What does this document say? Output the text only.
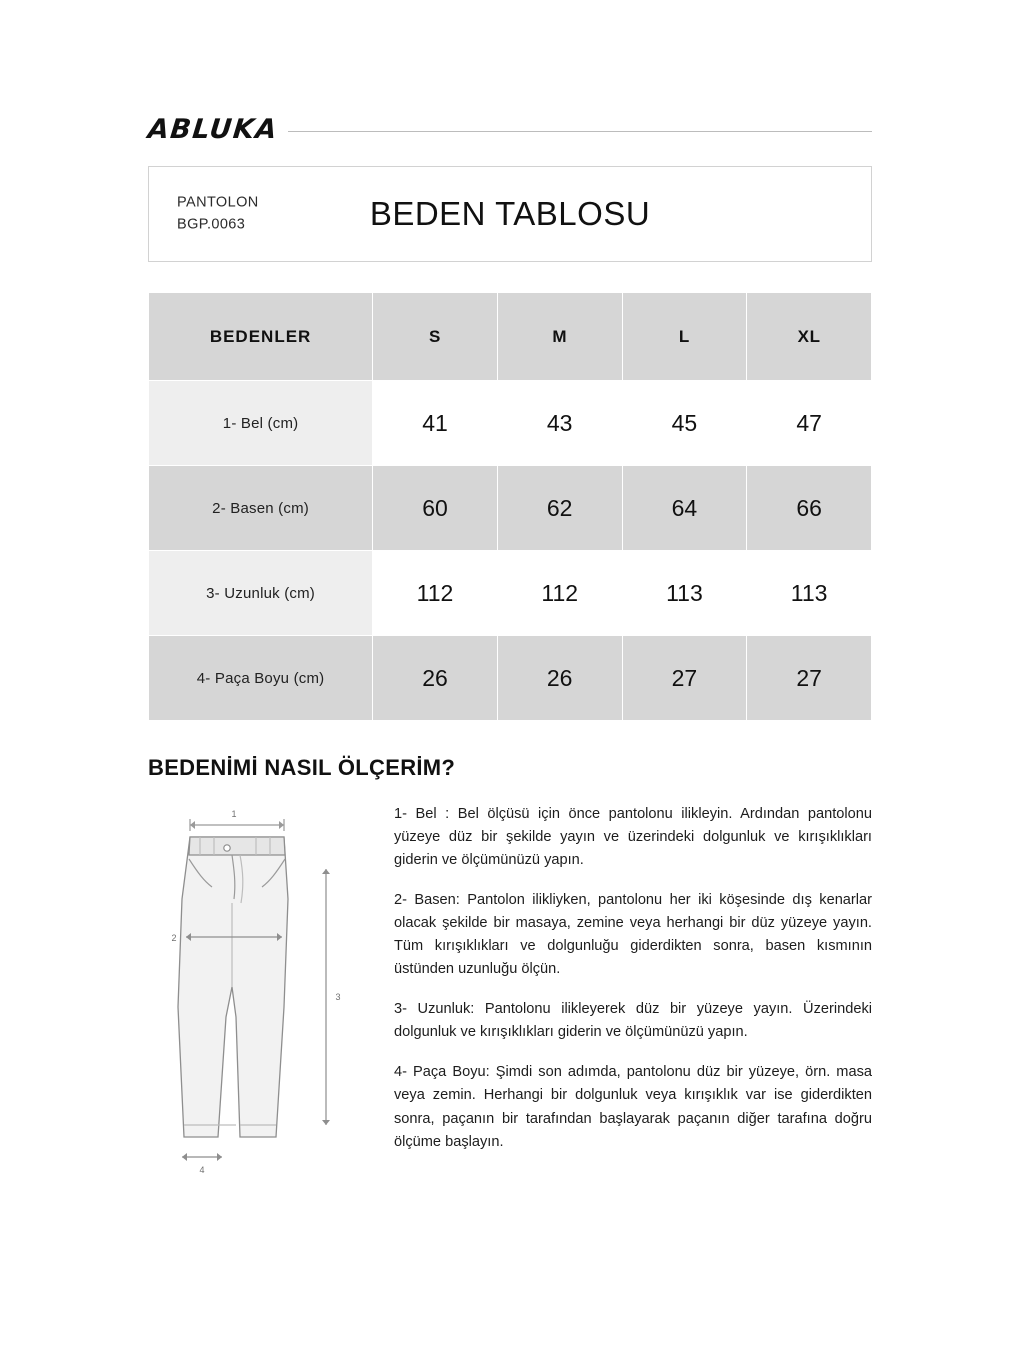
ABLUKA
PANTOLON
BGP.0063	BEDEN TABLOSU
BEDENLER	S	M	L	XL
1- Bel (cm)	41	43	45	47
2- Basen (cm)	60	62	64	66
3- Uzunluk (cm)	112	112	113	113
4- Paça Boyu (cm)	26	26	27	27
BEDENİMİ NASIL ÖLÇERİM?
1
2
3
4

1- Bel : Bel ölçüsü için önce pantolonu ilikleyin. Ardından pantolonu yüzeye düz bir şekilde yayın ve üzerindeki dolgunluk ve kırışıklıkları giderin ve ölçümünüzü yapın.

2- Basen: Pantolon ilikliyken, pantolonu her iki köşesinde dış kenarlar olacak şekilde bir masaya, zemine veya herhangi bir düz yüzeye yayın. Tüm kırışıklıkları ve dolgunluğu giderdikten sonra, basen kısmının üstünden uzunluğu ölçün.

3- Uzunluk: Pantolonu ilikleyerek düz bir yüzeye yayın. Üzerindeki dolgunluk ve kırışıklıkları giderin ve ölçümünüzü yapın.

4- Paça Boyu: Şimdi son adımda, pantolonu düz bir yüzeye, örn. masa veya zemin. Herhangi bir dolgunluk veya kırışıklık var ise giderdikten sonra, paçanın bir tarafından başlayarak paçanın diğer tarafına doğru ölçüme başlayın.
